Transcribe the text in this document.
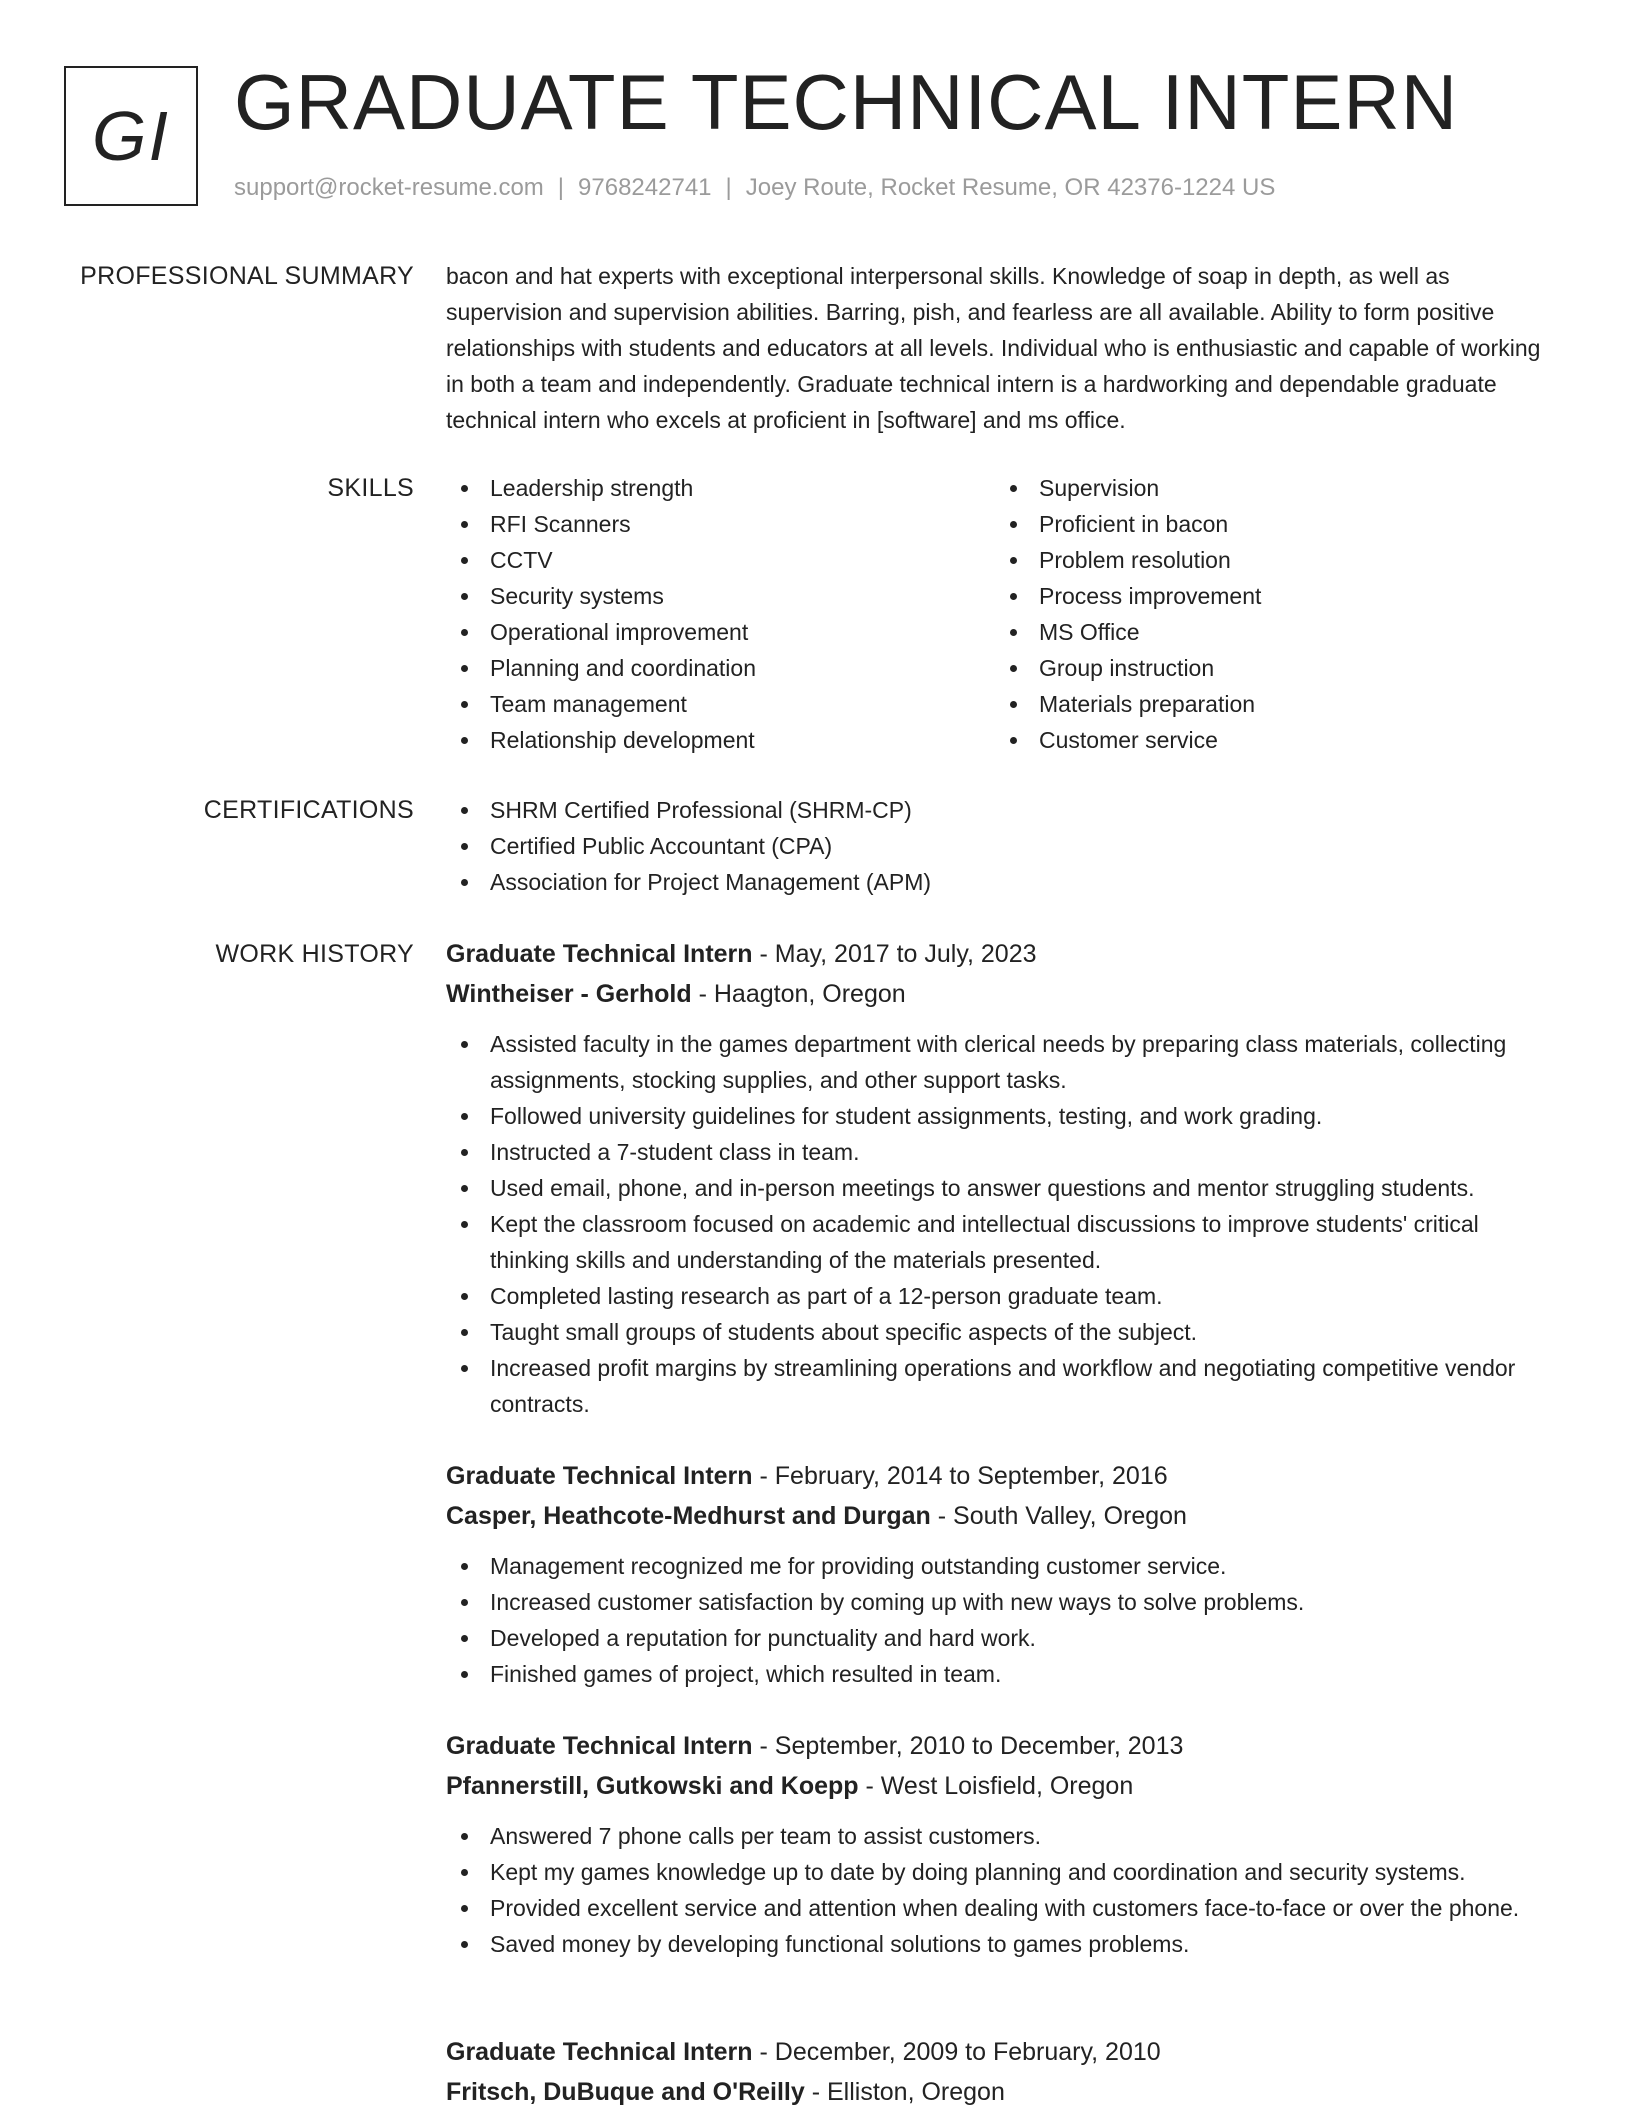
GI GRADUATE TECHNICAL INTERN
support@rocket-resume.com | 9768242741 | Joey Route, Rocket Resume, OR 42376-1224 US
PROFESSIONAL SUMMARY bacon and hat experts with exceptional interpersonal skills. Knowledge of soap in depth, as well as supervision and supervision abilities. Barring, pish, and fearless are all available. Ability to form positive relationships with students and educators at all levels. Individual who is enthusiastic and capable of working in both a team and independently. Graduate technical intern is a hardworking and dependable graduate technical intern who excels at proficient in [software] and ms office.

SKILLS	Leadership strength
RFI Scanners
CCTV
Security systems
Operational improvement
Planning and coordination
Team management
Relationship development
Supervision
Proficient in bacon
Problem resolution
Process improvement
MS Office
Group instruction
Materials preparation
Customer service
CERTIFICATIONS	SHRM Certified Professional (SHRM-CP)
Certified Public Accountant (CPA)
Association for Project Management (APM)
WORK HISTORY Graduate Technical Intern - May, 2017 to July, 2023
Wintheiser - Gerhold - Haagton, Oregon
Assisted faculty in the games department with clerical needs by preparing class materials, collecting assignments, stocking supplies, and other support tasks.
Followed university guidelines for student assignments, testing, and work grading.
Instructed a 7-student class in team.
Used email, phone, and in-person meetings to answer questions and mentor struggling students.
Kept the classroom focused on academic and intellectual discussions to improve students' critical thinking skills and understanding of the materials presented.
Completed lasting research as part of a 12-person graduate team.
Taught small groups of students about specific aspects of the subject.
Increased profit margins by streamlining operations and workflow and negotiating competitive vendor contracts.
Graduate Technical Intern - February, 2014 to September, 2016
Casper, Heathcote-Medhurst and Durgan - South Valley, Oregon
Management recognized me for providing outstanding customer service.
Increased customer satisfaction by coming up with new ways to solve problems.
Developed a reputation for punctuality and hard work.
Finished games of project, which resulted in team.
Graduate Technical Intern - September, 2010 to December, 2013
Pfannerstill, Gutkowski and Koepp - West Loisfield, Oregon
Answered 7 phone calls per team to assist customers.
Kept my games knowledge up to date by doing planning and coordination and security systems.
Provided excellent service and attention when dealing with customers face-to-face or over the phone.
Saved money by developing functional solutions to games problems.
Graduate Technical Intern - December, 2009 to February, 2010
Fritsch, DuBuque and O'Reilly - Elliston, Oregon
